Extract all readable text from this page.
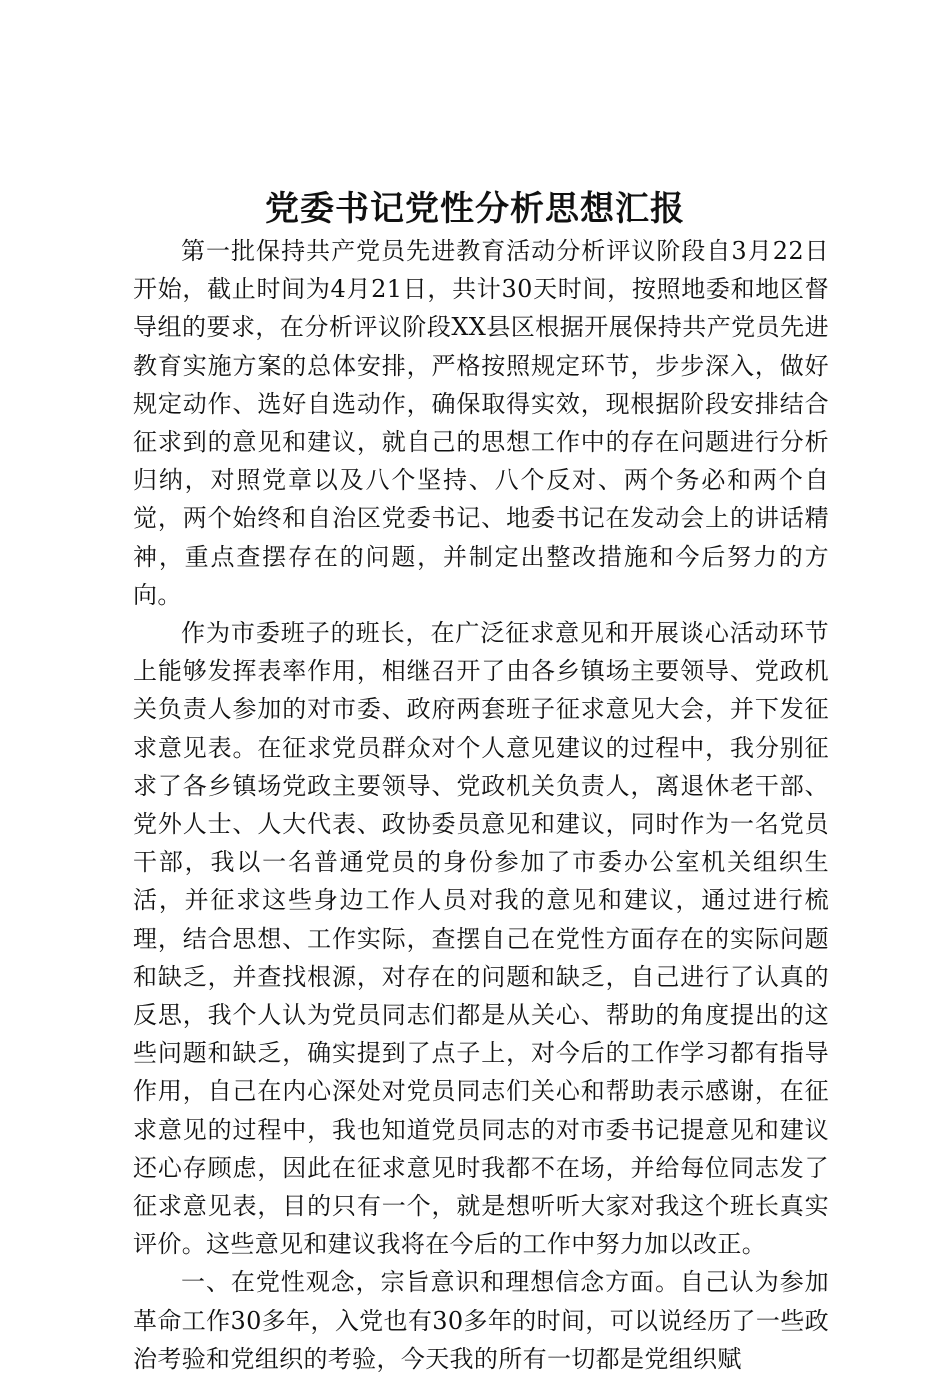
党委书记党性分析思想汇报

第一批保持共产党员先进教育活动分析评议阶段自3月22日开始，截止时间为4月21日，共计30天时间，按照地委和地区督导组的要求，在分析评议阶段XX县区根据开展保持共产党员先进教育实施方案的总体安排，严格按照规定环节，步步深入，做好规定动作、选好自选动作，确保取得实效，现根据阶段安排结合征求到的意见和建议，就自己的思想工作中的存在问题进行分析归纳，对照党章以及八个坚持、八个反对、两个务必和两个自觉，两个始终和自治区党委书记、地委书记在发动会上的讲话精神，重点查摆存在的问题，并制定出整改措施和今后努力的方向。

作为市委班子的班长，在广泛征求意见和开展谈心活动环节上能够发挥表率作用，相继召开了由各乡镇场主要领导、党政机关负责人参加的对市委、政府两套班子征求意见大会，并下发征求意见表。在征求党员群众对个人意见建议的过程中，我分别征求了各乡镇场党政主要领导、党政机关负责人，离退休老干部、党外人士、人大代表、政协委员意见和建议，同时作为一名党员干部，我以一名普通党员的身份参加了市委办公室机关组织生活，并征求这些身边工作人员对我的意见和建议，通过进行梳理，结合思想、工作实际，查摆自己在党性方面存在的实际问题和缺乏，并查找根源，对存在的问题和缺乏，自己进行了认真的反思，我个人认为党员同志们都是从关心、帮助的角度提出的这些问题和缺乏，确实提到了点子上，对今后的工作学习都有指导作用，自己在内心深处对党员同志们关心和帮助表示感谢，在征求意见的过程中，我也知道党员同志的对市委书记提意见和建议还心存顾虑，因此在征求意见时我都不在场，并给每位同志发了征求意见表，目的只有一个，就是想听听大家对我这个班长真实评价。这些意见和建议我将在今后的工作中努力加以改正。

一、在党性观念，宗旨意识和理想信念方面。自己认为参加革命工作30多年，入党也有30多年的时间，可以说经历了一些政治考验和党组织的考验，今天我的所有一切都是党组织赋
